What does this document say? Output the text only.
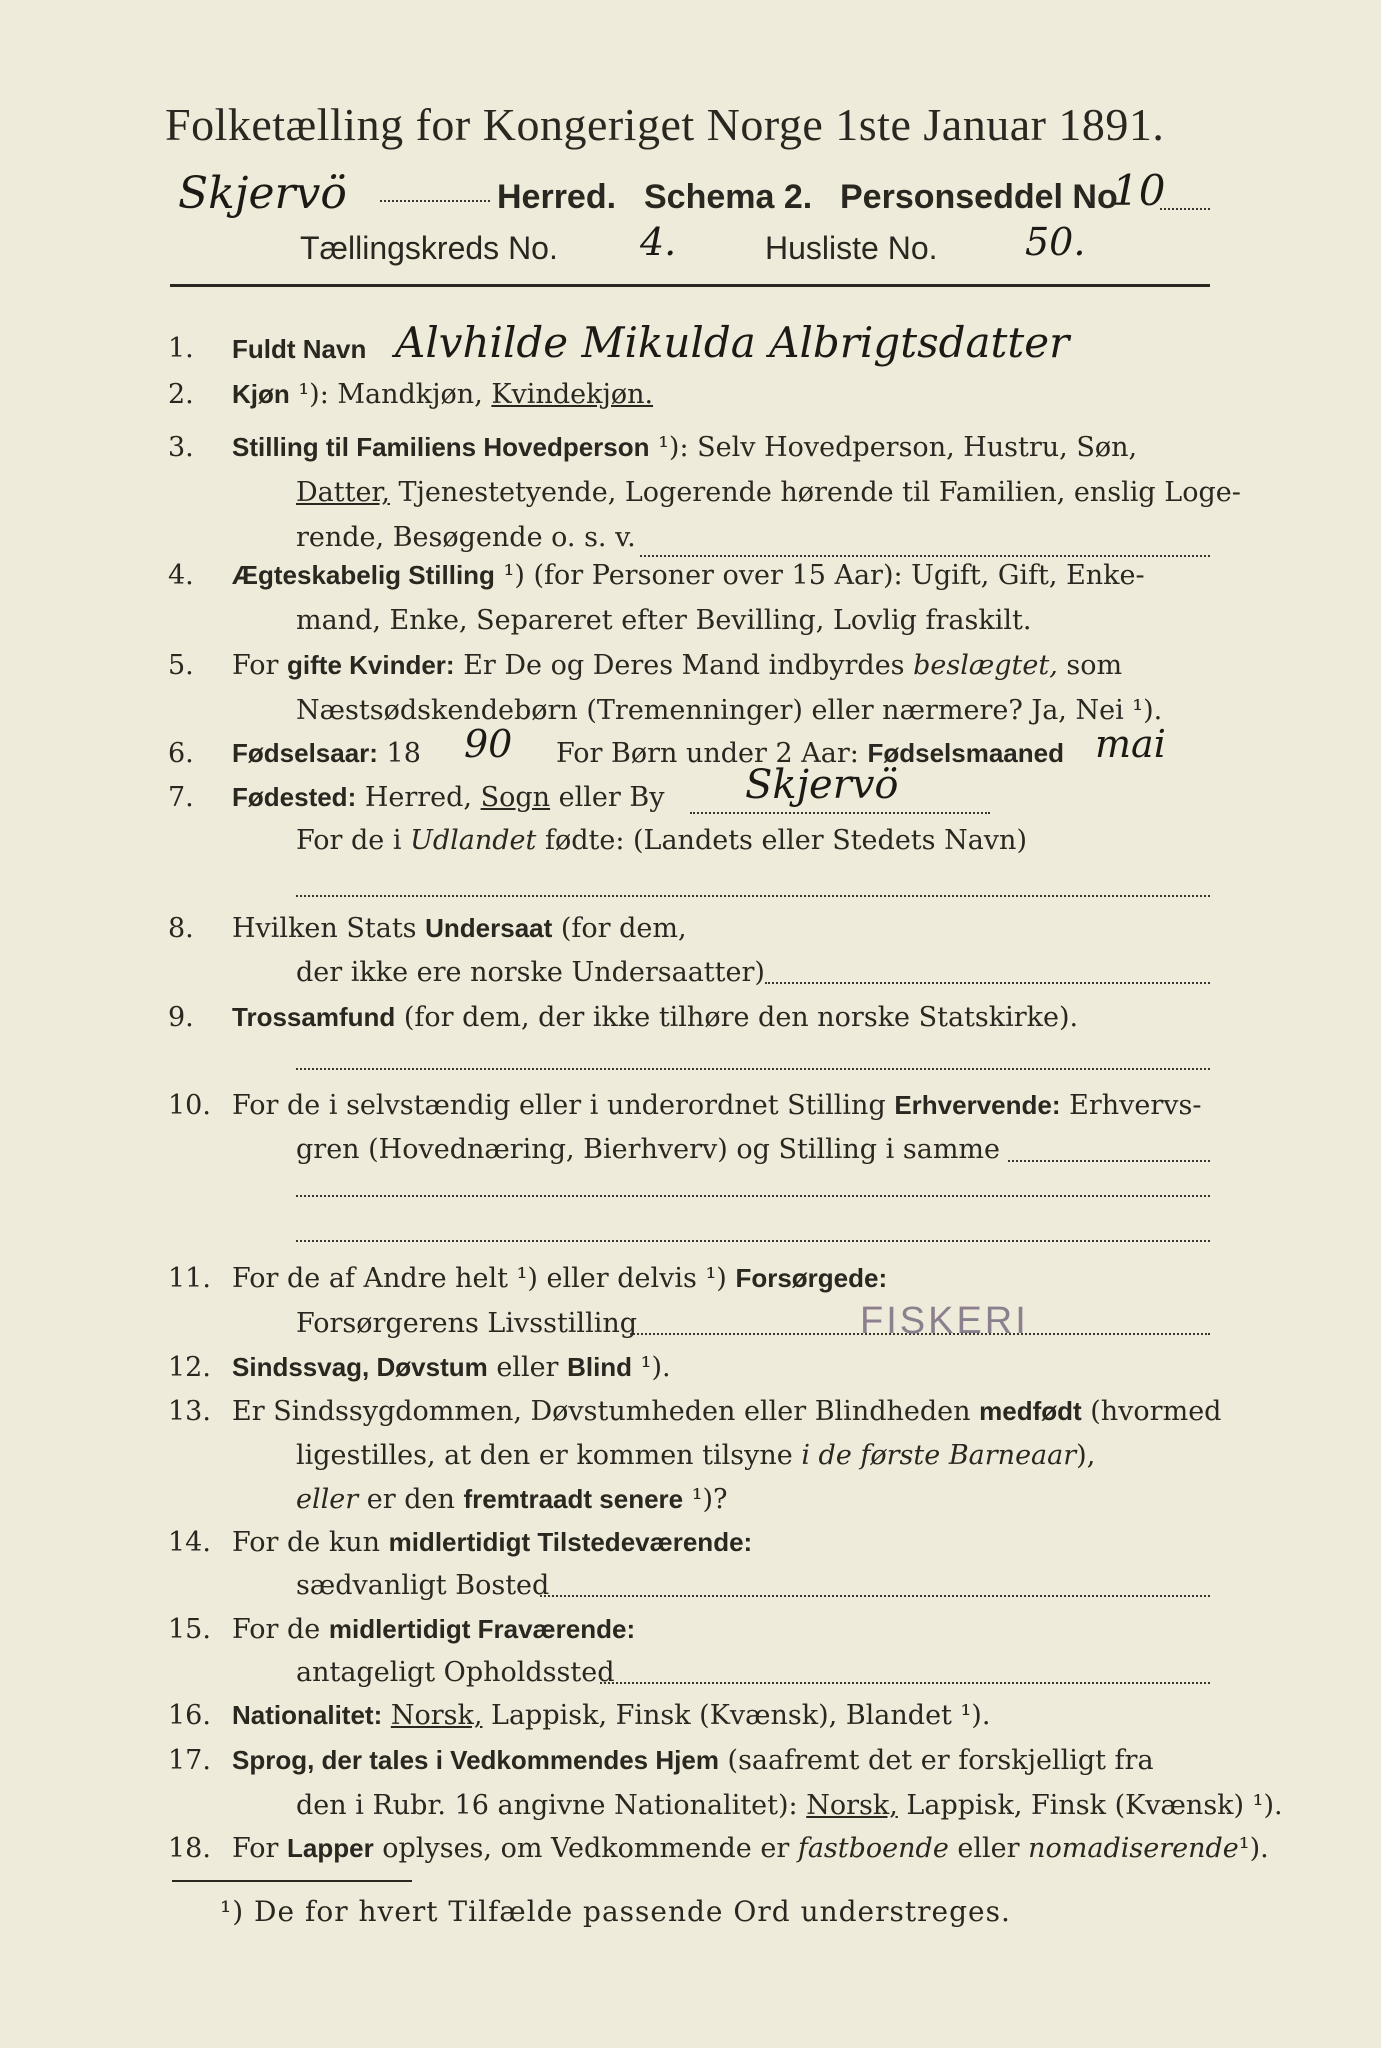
Folketælling for Kongeriget Norge 1ste Januar 1891.
Skjervö	Herred. Schema 2. Personseddel No
10
Tællingskreds No. 4.	Husliste No. 50.
1.	Fuldt Navn Alvhilde Mikulda Albrigtsdatter
2.	Kjøn ¹): Mandkjøn, Kvindekjøn.
3.	Stilling til Familiens Hovedperson ¹): Selv Hovedperson, Hustru, Søn,
Datter, Tjenestetyende, Logerende hørende til Familien, enslig Loge-
rende, Besøgende o. s. v.
4.	Ægteskabelig Stilling ¹) (for Personer over 15 Aar): Ugift, Gift, Enke-
mand, Enke, Separeret efter Bevilling, Lovlig fraskilt.
5.	For gifte Kvinder: Er De og Deres Mand indbyrdes beslægtet, som
Næstsødskendebørn (Tremenninger) eller nærmere? Ja, Nei ¹).
6.	Fødselsaar: 18 90 For Børn under 2 Aar: Fødselsmaaned mai
7.	Fødested: Herred, Sogn eller By Skjervö
For de i Udlandet fødte: (Landets eller Stedets Navn)
8.	Hvilken Stats Undersaat (for dem,
der ikke ere norske Undersaatter)
9.	Trossamfund (for dem, der ikke tilhøre den norske Statskirke).
10. For de i selvstændig eller i underordnet Stilling Erhvervende: Erhvervs-
gren (Hovednæring, Bierhverv) og Stilling i samme
11. For de af Andre helt ¹) eller delvis ¹) Forsørgede:
Forsørgerens Livsstilling	FISKERI
12. Sindssvag, Døvstum eller Blind ¹).
13. Er Sindssygdommen, Døvstumheden eller Blindheden medfødt (hvormed
ligestilles, at den er kommen tilsyne i de første Barneaar),
eller er den fremtraadt senere ¹)?
14. For de kun midlertidigt Tilstedeværende:
sædvanligt Bosted
15. For de midlertidigt Fraværende:
antageligt Opholdssted
16. Nationalitet: Norsk, Lappisk, Finsk (Kvænsk), Blandet ¹).
17. Sprog, der tales i Vedkommendes Hjem (saafremt det er forskjelligt fra
den i Rubr. 16 angivne Nationalitet): Norsk, Lappisk, Finsk (Kvænsk) ¹).
18. For Lapper oplyses, om Vedkommende er fastboende eller nomadiserende¹).
¹) De for hvert Tilfælde passende Ord understreges.
